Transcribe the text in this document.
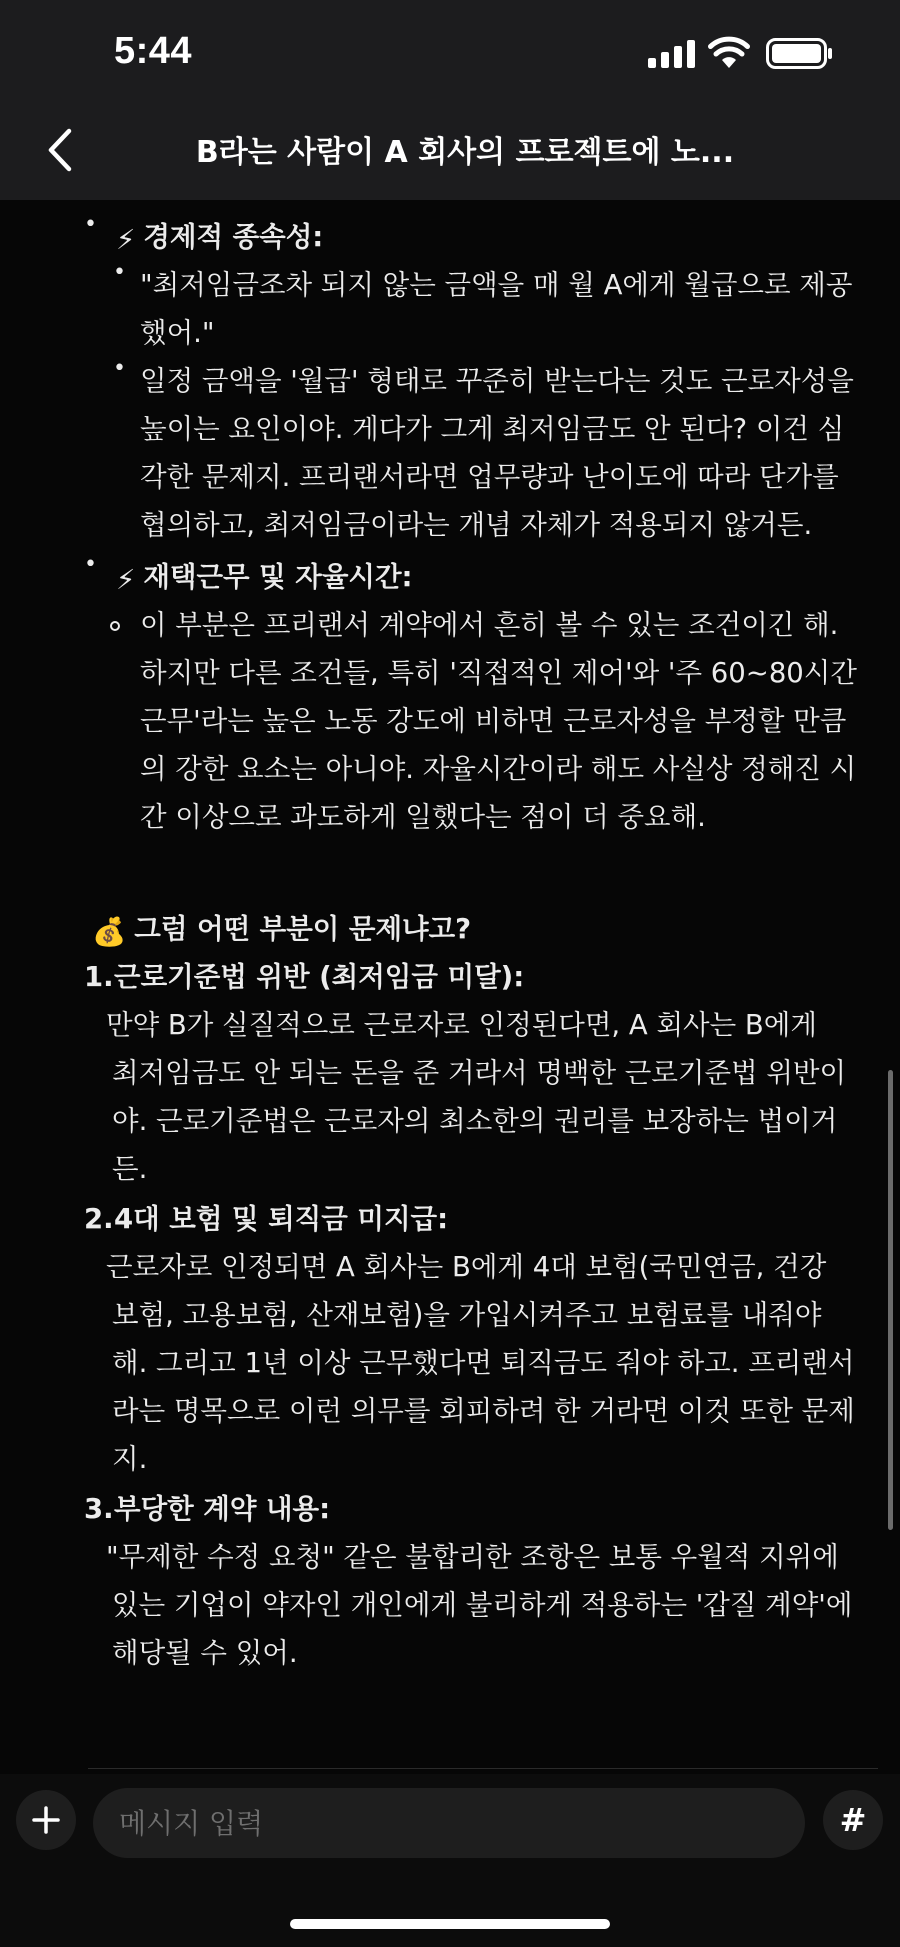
5:44
B라는 사람이 A 회사의 프로젝트에 노...
• ⚡ 경제적 종속성:
• "최저임금조차 되지 않는 금액을 매 월 A에게 월급으로 제공
했어."
• 일정 금액을 '월급' 형태로 꾸준히 받는다는 것도 근로자성을
높이는 요인이야. 게다가 그게 최저임금도 안 된다? 이건 심
각한 문제지. 프리랜서라면 업무량과 난이도에 따라 단가를
협의하고, 최저임금이라는 개념 자체가 적용되지 않거든.
• ⚡ 재택근무 및 자율시간:
이 부분은 프리랜서 계약에서 흔히 볼 수 있는 조건이긴 해.
하지만 다른 조건들, 특히 '직접적인 제어'와 '주 60~80시간
근무'라는 높은 노동 강도에 비하면 근로자성을 부정할 만큼
의 강한 요소는 아니야. 자율시간이라 해도 사실상 정해진 시
간 이상으로 과도하게 일했다는 점이 더 중요해.
💰 그럼 어떤 부분이 문제냐고?
1. 근로기준법 위반 (최저임금 미달):
만약 B가 실질적으로 근로자로 인정된다면, A 회사는 B에게
최저임금도 안 되는 돈을 준 거라서 명백한 근로기준법 위반이
야. 근로기준법은 근로자의 최소한의 권리를 보장하는 법이거
든.
2. 4대 보험 및 퇴직금 미지급:
근로자로 인정되면 A 회사는 B에게 4대 보험(국민연금, 건강
보험, 고용보험, 산재보험)을 가입시켜주고 보험료를 내줘야
해. 그리고 1년 이상 근무했다면 퇴직금도 줘야 하고. 프리랜서
라는 명목으로 이런 의무를 회피하려 한 거라면 이것 또한 문제
지.
3. 부당한 계약 내용:
"무제한 수정 요청" 같은 불합리한 조항은 보통 우월적 지위에
있는 기업이 약자인 개인에게 불리하게 적용하는 '갑질 계약'에
해당될 수 있어.
메시지 입력
#
